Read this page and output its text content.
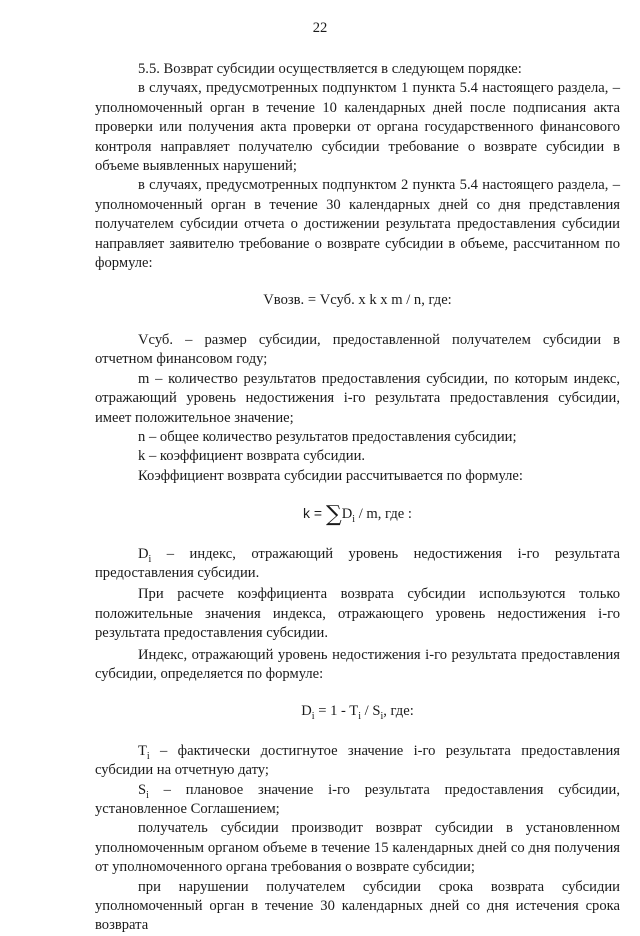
22

5.5. Возврат субсидии осуществляется в следующем порядке:

в случаях, предусмотренных подпунктом 1 пункта 5.4 настоящего раздела, – уполномоченный орган в течение 10 календарных дней после подписания акта проверки или получения акта проверки от органа государственного финансового контроля направляет получателю субсидии требование о возврате субсидии в объеме выявленных нарушений;

в случаях, предусмотренных подпунктом 2 пункта 5.4 настоящего раздела, – уполномоченный орган в течение 30 календарных дней со дня представления получателем субсидии отчета о достижении результата предоставления субсидии направляет заявителю требование о возврате субсидии в объеме, рассчитанном по формуле:

Vвозв. = Vсуб. x k x m / n, где:

Vсуб. – размер субсидии, предоставленной получателем субсидии в отчетном финансовом году;

m – количество результатов предоставления субсидии, по которым индекс, отражающий уровень недостижения i-го результата предоставления субсидии, имеет положительное значение;

n – общее количество результатов предоставления субсидии;

k – коэффициент возврата субсидии.

Коэффициент возврата субсидии рассчитывается по формуле:

$k = \sum D_i / m$, где :

$D_i$ – индекс, отражающий уровень недостижения i-го результата предоставления субсидии.

При расчете коэффициента возврата субсидии используются только положительные значения индекса, отражающего уровень недостижения i-го результата предоставления субсидии.

Индекс, отражающий уровень недостижения i-го результата предоставления субсидии, определяется по формуле:

$D_i = 1 - T_i / S_i$, где:

$T_i$ – фактически достигнутое значение i-го результата предоставления субсидии на отчетную дату;

$S_i$ – плановое значение i-го результата предоставления субсидии, установленное Соглашением;

получатель субсидии производит возврат субсидии в установленном уполномоченным органом объеме в течение 15 календарных дней со дня получения от уполномоченного органа требования о возврате субсидии;

при нарушении получателем субсидии срока возврата субсидии уполномоченный орган в течение 30 календарных дней со дня истечения срока возврата
